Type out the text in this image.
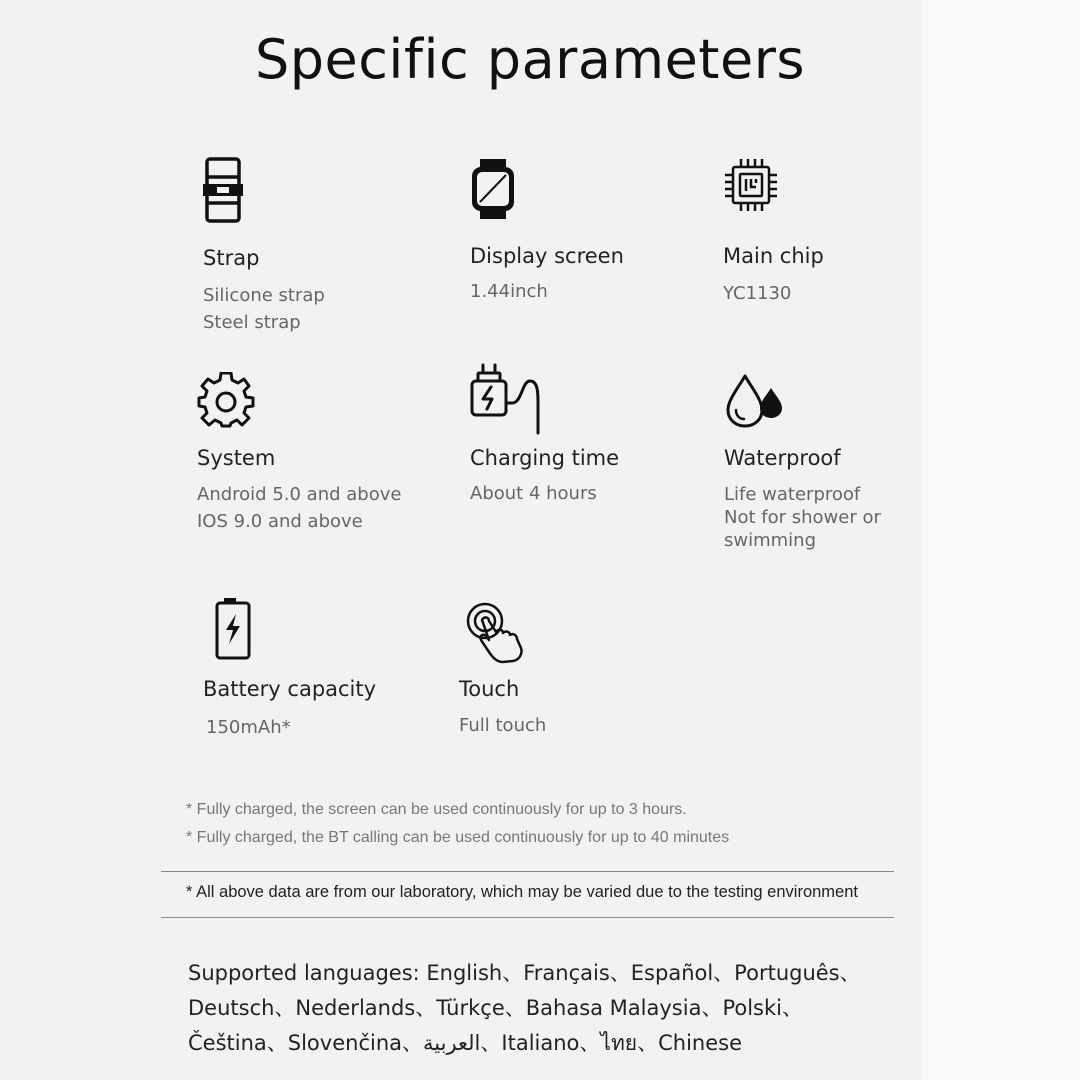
Specific parameters
Strap
Silicone strap
Steel strap
Display screen
1.44inch
Main chip
YC1130
System
Android 5.0 and above
IOS 9.0 and above
Charging time
About 4 hours
Waterproof
Life waterproof
Not for shower or
swimming
Battery capacity
150mAh*
Touch
Full touch
* Fully charged, the screen can be used continuously for up to 3 hours.
* Fully charged, the BT calling can be used continuously for up to 40 minutes
* All above data are from our laboratory, which may be varied due to the testing environment
Supported languages: English、Français、Español、Português、Deutsch、Nederlands、Türkçe、Bahasa Malaysia、Polski、Čeština、Slovenčina、العربية、Italiano、ไทย、Chinese
